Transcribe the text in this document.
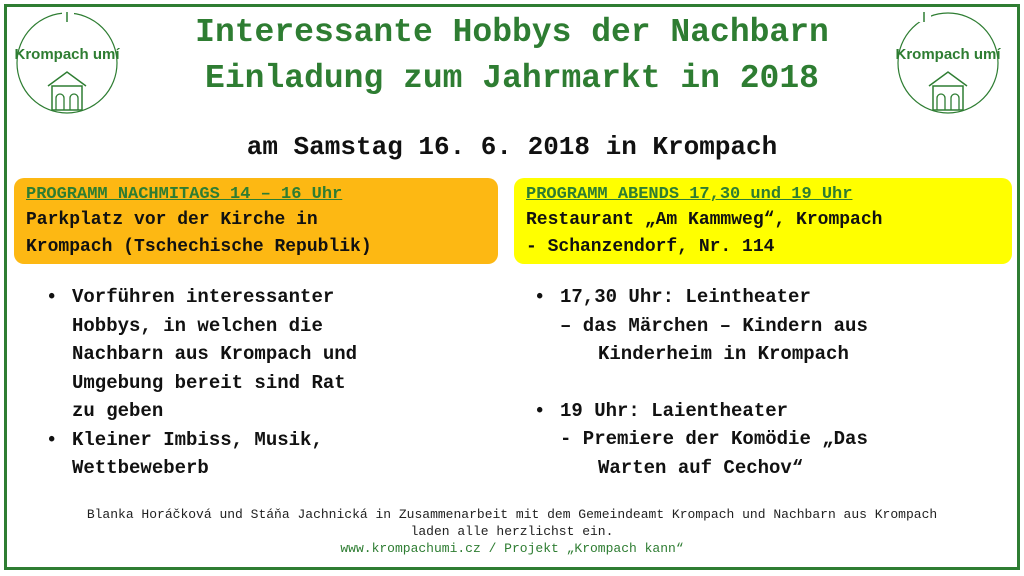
Krompach umí	Krompach umí
Interessante Hobbys der Nachbarn
Einladung zum Jahrmarkt in 2018
am Samstag 16. 6. 2018 in Krompach
PROGRAMM NACHMITAGS 14 – 16 Uhr
Parkplatz vor der Kirche in
Krompach (Tschechische Republik)
PROGRAMM ABENDS 17,30 und 19 Uhr
Restaurant „Am Kammweg“, Krompach
- Schanzendorf, Nr. 114
• Vorführen interessanter
Hobbys, in welchen die
Nachbarn aus Krompach und
Umgebung bereit sind Rat
zu geben
• Kleiner Imbiss, Musik,
Wettbeweberb
• 17,30 Uhr: Leintheater
– das Märchen – Kindern aus
Kinderheim in Krompach
• 19 Uhr: Laientheater
- Premiere der Komödie „Das
Warten auf Cechov“
Blanka Horáčková und Stáňa Jachnická in Zusammenarbeit mit dem Gemeindeamt Krompach und Nachbarn aus Krompach
laden alle herzlichst ein.
www.krompachumi.cz / Projekt „Krompach kann“
